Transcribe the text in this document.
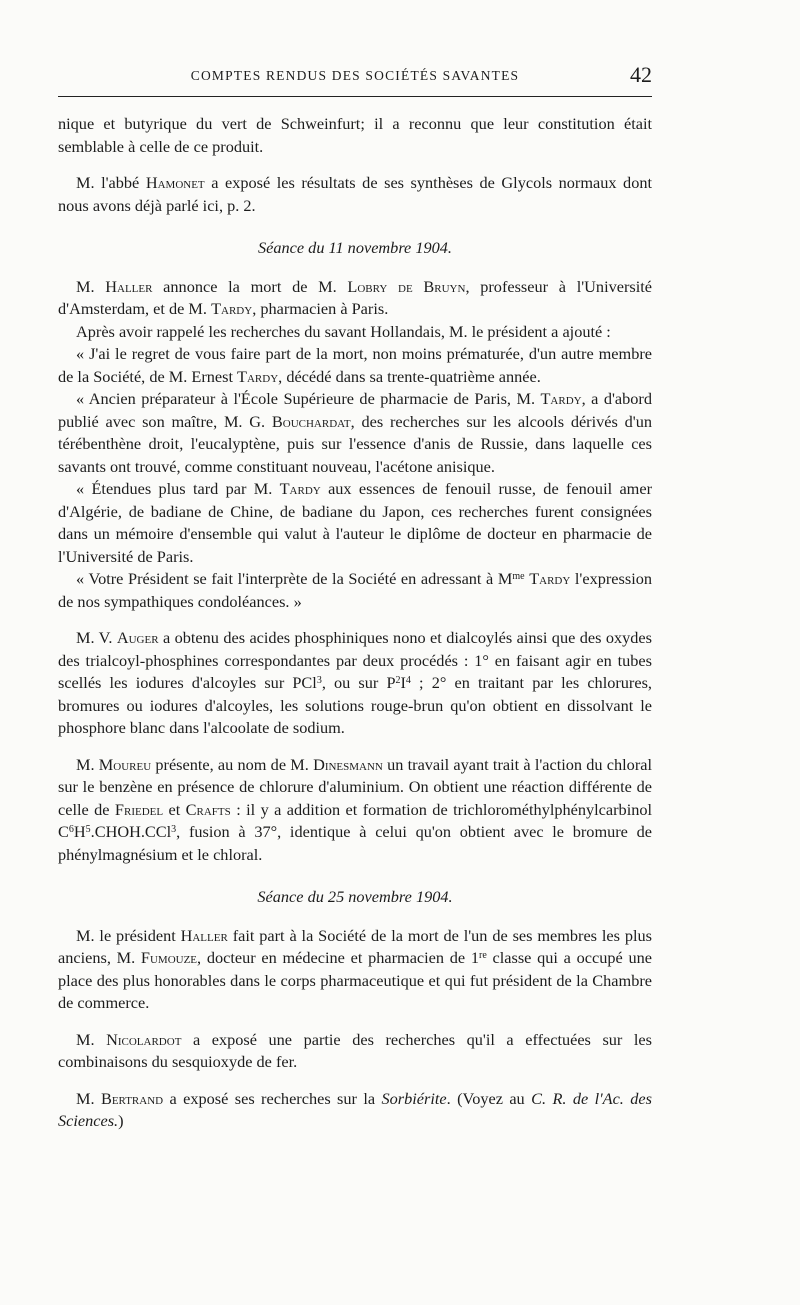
COMPTES RENDUS DES SOCIÉTÉS SAVANTES	42

nique et butyrique du vert de Schweinfurt; il a reconnu que leur constitution était semblable à celle de ce produit.

M. l'abbé Hamonet a exposé les résultats de ses synthèses de Glycols normaux dont nous avons déjà parlé ici, p. 2.

Séance du 11 novembre 1904.

M. Haller annonce la mort de M. Lobry de Bruyn, professeur à l'Université d'Amsterdam, et de M. Tardy, pharmacien à Paris.

Après avoir rappelé les recherches du savant Hollandais, M. le président a ajouté :

« J'ai le regret de vous faire part de la mort, non moins prématurée, d'un autre membre de la Société, de M. Ernest Tardy, décédé dans sa trente-quatrième année.

« Ancien préparateur à l'École Supérieure de pharmacie de Paris, M. Tardy, a d'abord publié avec son maître, M. G. Bouchardat, des recherches sur les alcools dérivés d'un térébenthène droit, l'eucalyptène, puis sur l'essence d'anis de Russie, dans laquelle ces savants ont trouvé, comme constituant nouveau, l'acétone anisique.

« Étendues plus tard par M. Tardy aux essences de fenouil russe, de fenouil amer d'Algérie, de badiane de Chine, de badiane du Japon, ces recherches furent consignées dans un mémoire d'ensemble qui valut à l'auteur le diplôme de docteur en pharmacie de l'Université de Paris.

« Votre Président se fait l'interprète de la Société en adressant à $M^{me}$ Tardy l'expression de nos sympathiques condoléances. »

M. V. Auger a obtenu des acides phosphiniques nono et dialcoylés ainsi que des oxydes des trialcoyl-phosphines correspondantes par deux procédés : 1° en faisant agir en tubes scellés les iodures d'alcoyles sur PCl$^3$, ou sur $P^2I^4$ ; 2° en traitant par les chlorures, bromures ou iodures d'alcoyles, les solutions rouge-brun qu'on obtient en dissolvant le phosphore blanc dans l'alcoolate de sodium.

M. Moureu présente, au nom de M. Dinesmann un travail ayant trait à l'action du chloral sur le benzène en présence de chlorure d'aluminium. On obtient une réaction différente de celle de Friedel et Crafts : il y a addition et formation de trichlorométhylphénylcarbinol $C^6H^5.CHOH.CCl^3$, fusion à 37°, identique à celui qu'on obtient avec le bromure de phénylmagnésium et le chloral.

Séance du 25 novembre 1904.

M. le président Haller fait part à la Société de la mort de l'un de ses membres les plus anciens, M. Fumouze, docteur en médecine et pharmacien de 1re classe qui a occupé une place des plus honorables dans le corps pharmaceutique et qui fut président de la Chambre de commerce.

M. Nicolardot a exposé une partie des recherches qu'il a effectuées sur les combinaisons du sesquioxyde de fer.

M. Bertrand a exposé ses recherches sur la Sorbiérite. (Voyez au C. R. de l'Ac. des Sciences.)
